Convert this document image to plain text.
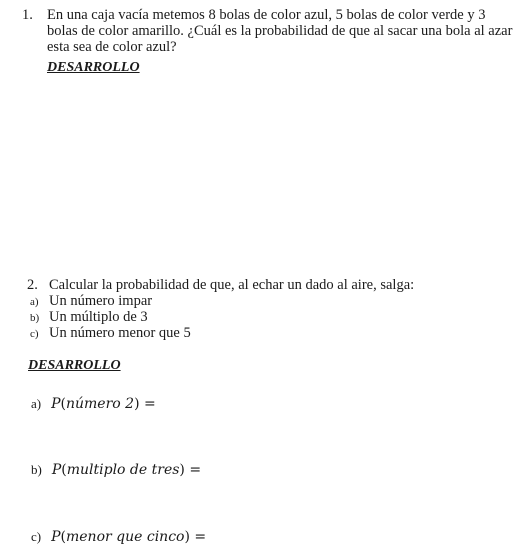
1. En una caja vacía metemos 8 bolas de color azul, 5 bolas de color verde y 3
bolas de color amarillo. ¿Cuál es la probabilidad de que al sacar una bola al azar
esta sea de color azul?
DESARROLLO
2. Calcular la probabilidad de que, al echar un dado al aire, salga:
a) Un número impar
b) Un múltiplo de 3
c) Un número menor que 5
DESARROLLO
a) P(número 2) =
b) P(multiplo de tres) =
c) P(menor que cinco) =
